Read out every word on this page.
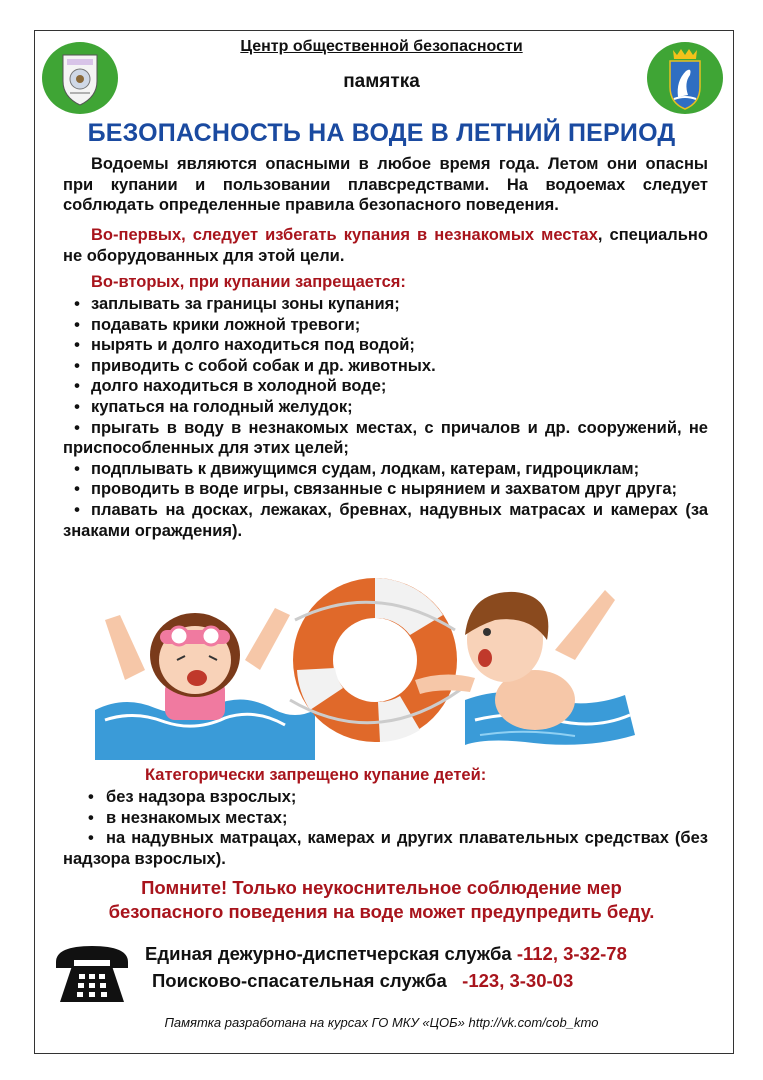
Центр общественной безопасности
памятка
БЕЗОПАСНОСТЬ НА ВОДЕ В ЛЕТНИЙ ПЕРИОД
Водоемы являются опасными в любое время года. Летом они опасны при купании и пользовании плавсредствами. На водоемах следует соблюдать определенные правила безопасного поведения.
Во-первых, следует избегать купания в незнакомых местах, специально не оборудованных для этой цели.
Во-вторых, при купании запрещается:
• заплывать за границы зоны купания;
• подавать крики ложной тревоги;
• нырять и долго находиться под водой;
• приводить с собой собак и др. животных.
• долго находиться в холодной воде;
• купаться на голодный желудок;
• прыгать в воду в незнакомых местах, с причалов и др. сооружений, не приспособленных для этих целей;
• подплывать к движущимся судам, лодкам, катерам, гидроциклам;
• проводить в воде игры, связанные с нырянием и захватом друг друга;
• плавать на досках, лежаках, бревнах, надувных матрасах и камерах (за знаками ограждения).
Категорически запрещено купание детей:
• без надзора взрослых;
• в незнакомых местах;
• на надувных матрацах, камерах и других плавательных средствах (без надзора взрослых).
Помните! Только неукоснительное соблюдение мер
безопасного поведения на воде может предупредить беду.
Единая дежурно-диспетчерская служба -112, 3-32-78
Поисково-спасательная служба -123, 3-30-03
Памятка разработана на курсах ГО МКУ «ЦОБ» http://vk.com/cob_kmo
